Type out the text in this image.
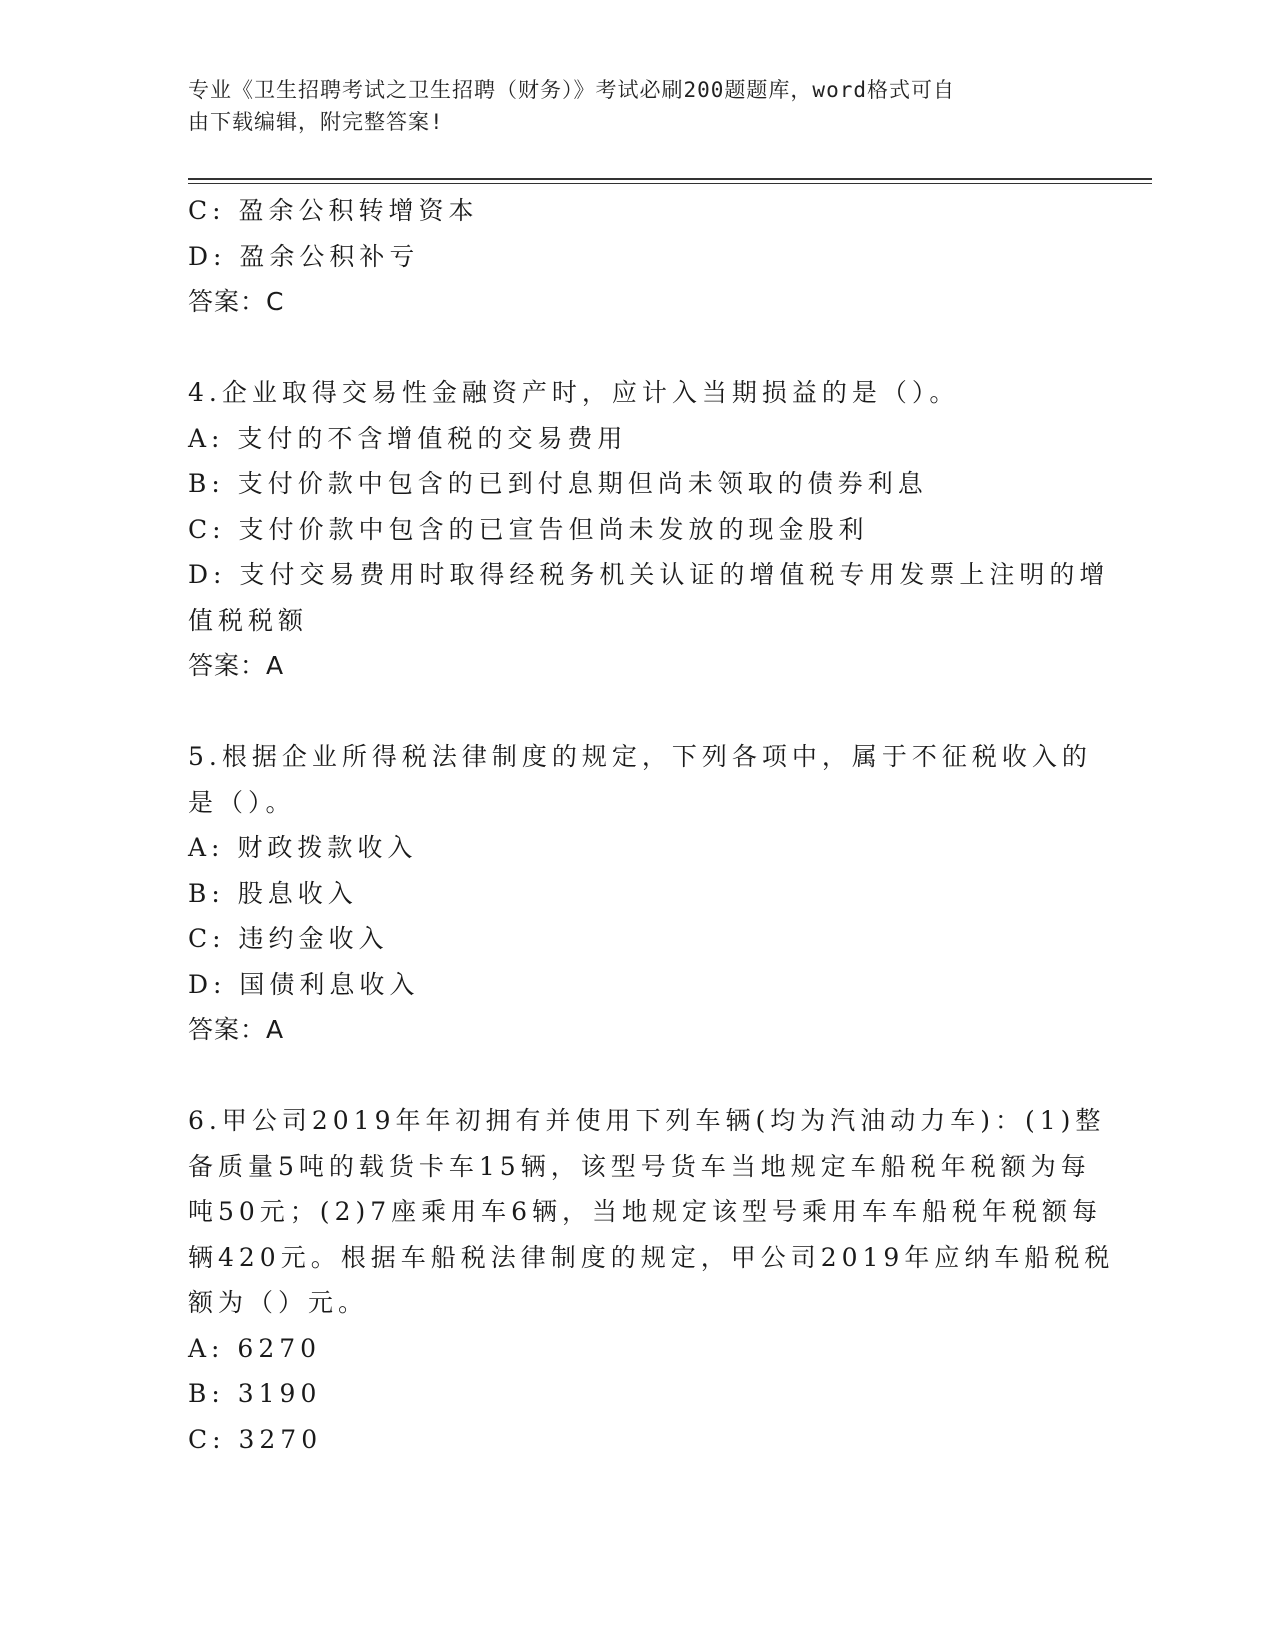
专业《卫生招聘考试之卫生招聘（财务）》考试必刷200题题库，word格式可自
由下载编辑，附完整答案!

C: 盈余公积转增资本

D: 盈余公积补亏

答案：C

4.企业取得交易性金融资产时，应计入当期损益的是（）。

A: 支付的不含增值税的交易费用

B: 支付价款中包含的已到付息期但尚未领取的债券利息

C: 支付价款中包含的已宣告但尚未发放的现金股利

D: 支付交易费用时取得经税务机关认证的增值税专用发票上注明的增

值税税额

答案：A

5.根据企业所得税法律制度的规定，下列各项中，属于不征税收入的

是（）。

A: 财政拨款收入

B: 股息收入

C: 违约金收入

D: 国债利息收入

答案：A

6.甲公司2019年年初拥有并使用下列车辆(均为汽油动力车)：(1)整

备质量5吨的载货卡车15辆，该型号货车当地规定车船税年税额为每

吨50元；(2)7座乘用车6辆，当地规定该型号乘用车车船税年税额每

辆420元。根据车船税法律制度的规定，甲公司2019年应纳车船税税

额为（）元。

A: 6270

B: 3190

C: 3270
